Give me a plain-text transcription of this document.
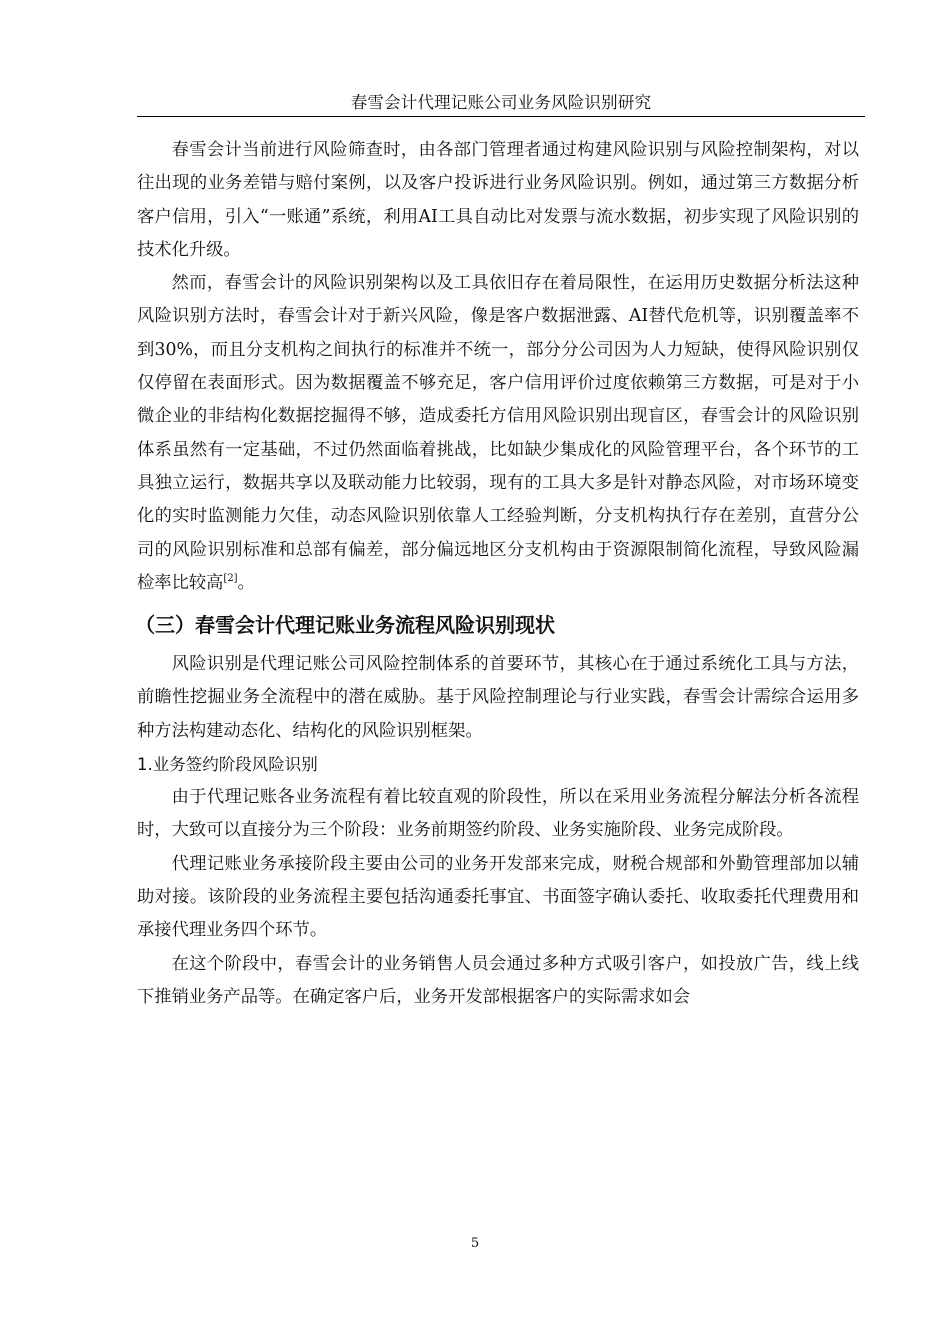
春雪会计代理记账公司业务风险识别研究

春雪会计当前进行风险筛查时，由各部门管理者通过构建风险识别与风险控制架构，对以往出现的业务差错与赔付案例，以及客户投诉进行业务风险识别。例如，通过第三方数据分析客户信用，引入“一账通”系统，利用AI工具自动比对发票与流水数据，初步实现了风险识别的技术化升级。

然而，春雪会计的风险识别架构以及工具依旧存在着局限性，在运用历史数据分析法这种风险识别方法时，春雪会计对于新兴风险，像是客户数据泄露、AI替代危机等，识别覆盖率不到30%，而且分支机构之间执行的标准并不统一，部分分公司因为人力短缺，使得风险识别仅仅停留在表面形式。因为数据覆盖不够充足，客户信用评价过度依赖第三方数据，可是对于小微企业的非结构化数据挖掘得不够，造成委托方信用风险识别出现盲区，春雪会计的风险识别体系虽然有一定基础，不过仍然面临着挑战，比如缺少集成化的风险管理平台，各个环节的工具独立运行，数据共享以及联动能力比较弱，现有的工具大多是针对静态风险，对市场环境变化的实时监测能力欠佳，动态风险识别依靠人工经验判断，分支机构执行存在差别，直营分公司的风险识别标准和总部有偏差，部分偏远地区分支机构由于资源限制简化流程，导致风险漏检率比较高[2]。

（三）春雪会计代理记账业务流程风险识别现状

风险识别是代理记账公司风险控制体系的首要环节，其核心在于通过系统化工具与方法，前瞻性挖掘业务全流程中的潜在威胁。基于风险控制理论与行业实践，春雪会计需综合运用多种方法构建动态化、结构化的风险识别框架。

1.业务签约阶段风险识别

由于代理记账各业务流程有着比较直观的阶段性，所以在采用业务流程分解法分析各流程时，大致可以直接分为三个阶段：业务前期签约阶段、业务实施阶段、业务完成阶段。

代理记账业务承接阶段主要由公司的业务开发部来完成，财税合规部和外勤管理部加以辅助对接。该阶段的业务流程主要包括沟通委托事宜、书面签字确认委托、收取委托代理费用和承接代理业务四个环节。

在这个阶段中，春雪会计的业务销售人员会通过多种方式吸引客户，如投放广告，线上线下推销业务产品等。在确定客户后，业务开发部根据客户的实际需求如会

5
